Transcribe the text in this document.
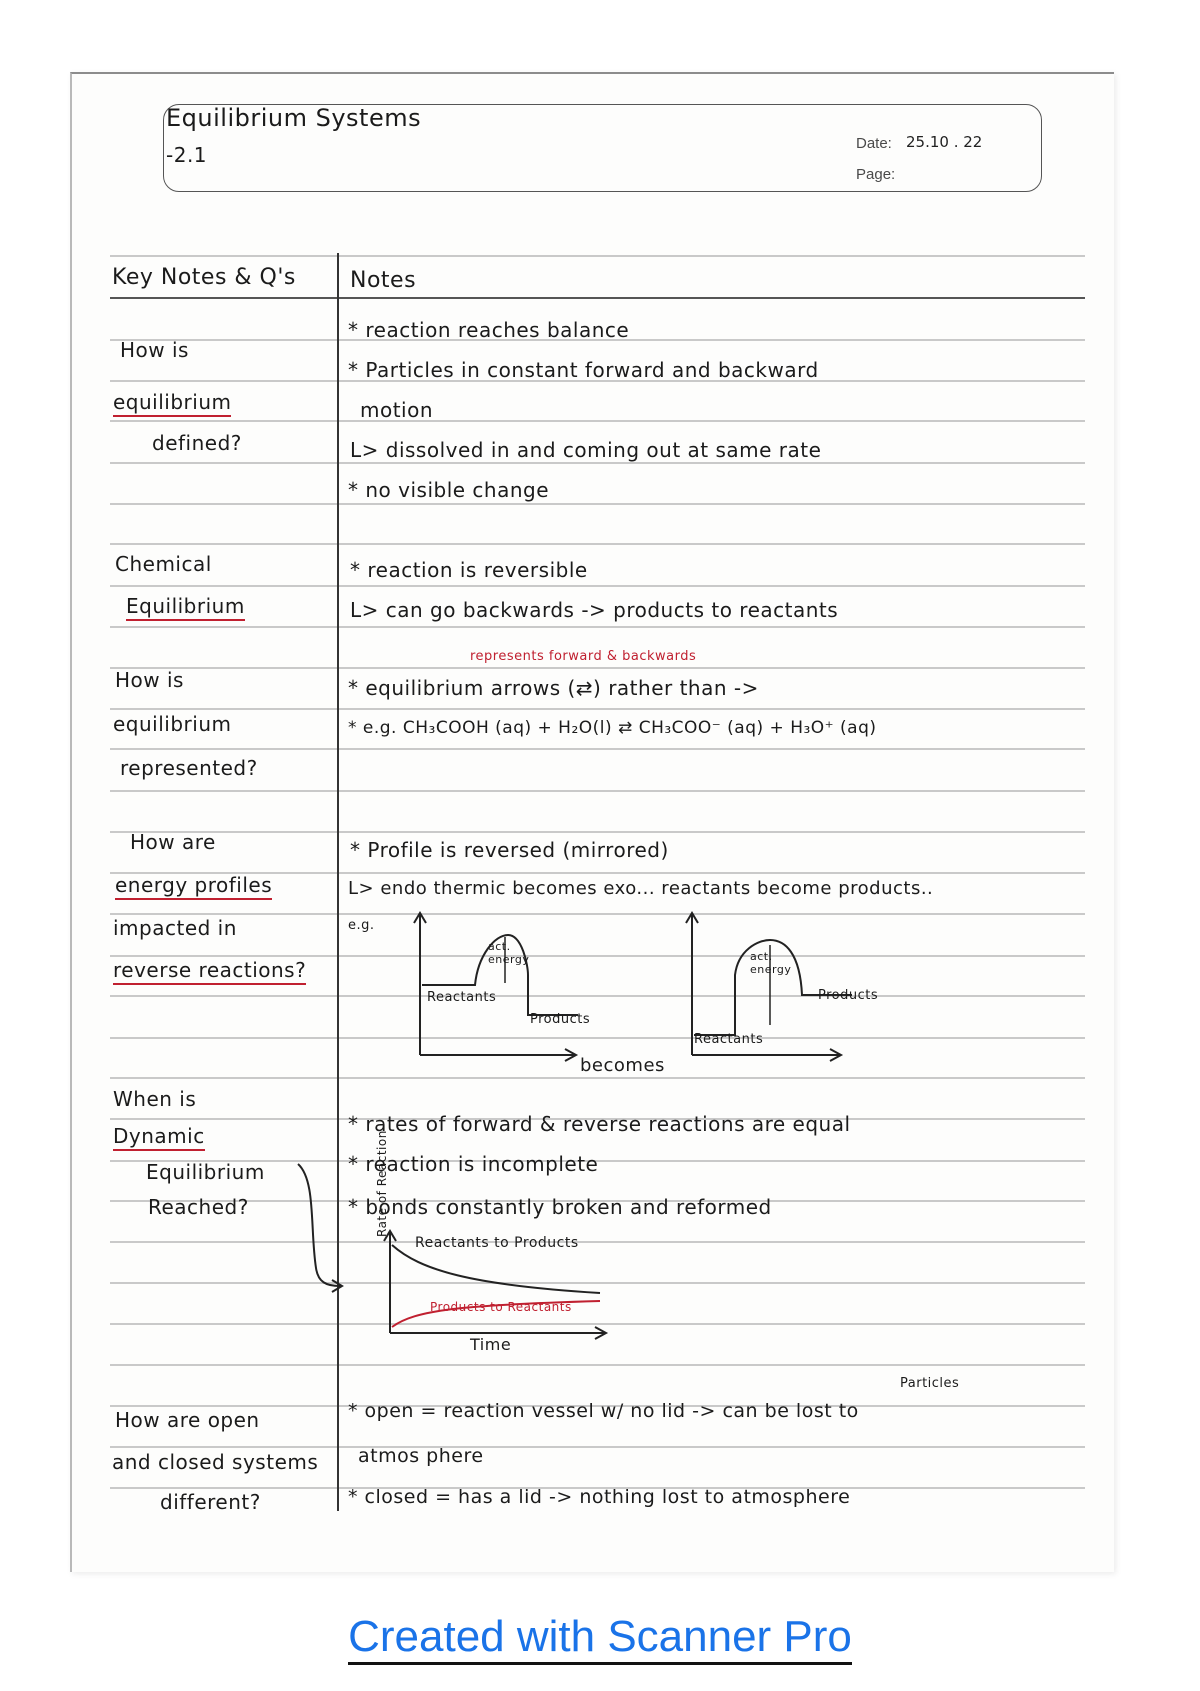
Equilibrium Systems
-2.1	Date: 25.10 . 22
Page:
Key Notes & Q's Notes
How is
equilibrium
defined?
* reaction reaches balance
* Particles in constant forward and backward
motion
L> dissolved in and coming out at same rate
* no visible change
Chemical
Equilibrium
* reaction is reversible
L> can go backwards -> products to reactants
How is
equilibrium
represented?
represents forward & backwards
* equilibrium arrows (⇄) rather than ->
* e.g. CH₃COOH (aq) + H₂O(l) ⇄ CH₃COO⁻ (aq) + H₃O⁺ (aq)
How are
energy profiles
impacted in
reverse reactions?
* Profile is reversed (mirrored)
L> endo thermic becomes exo... reactants become products..
e.g.
Reactants
Products
act. energy
Reactants
Products
act. energy
becomes
When is
Dynamic
Equilibrium
Reached?
* rates of forward & reverse reactions are equal
* reaction is incomplete
* bonds constantly broken and reformed
Rate of Reaction
Time
Reactants to Products
Products to Reactants
How are open
and closed systems
different?
Particles
* open = reaction vessel w/ no lid -> can be lost to
atmos phere
* closed = has a lid -> nothing lost to atmosphere
Created with Scanner Pro
